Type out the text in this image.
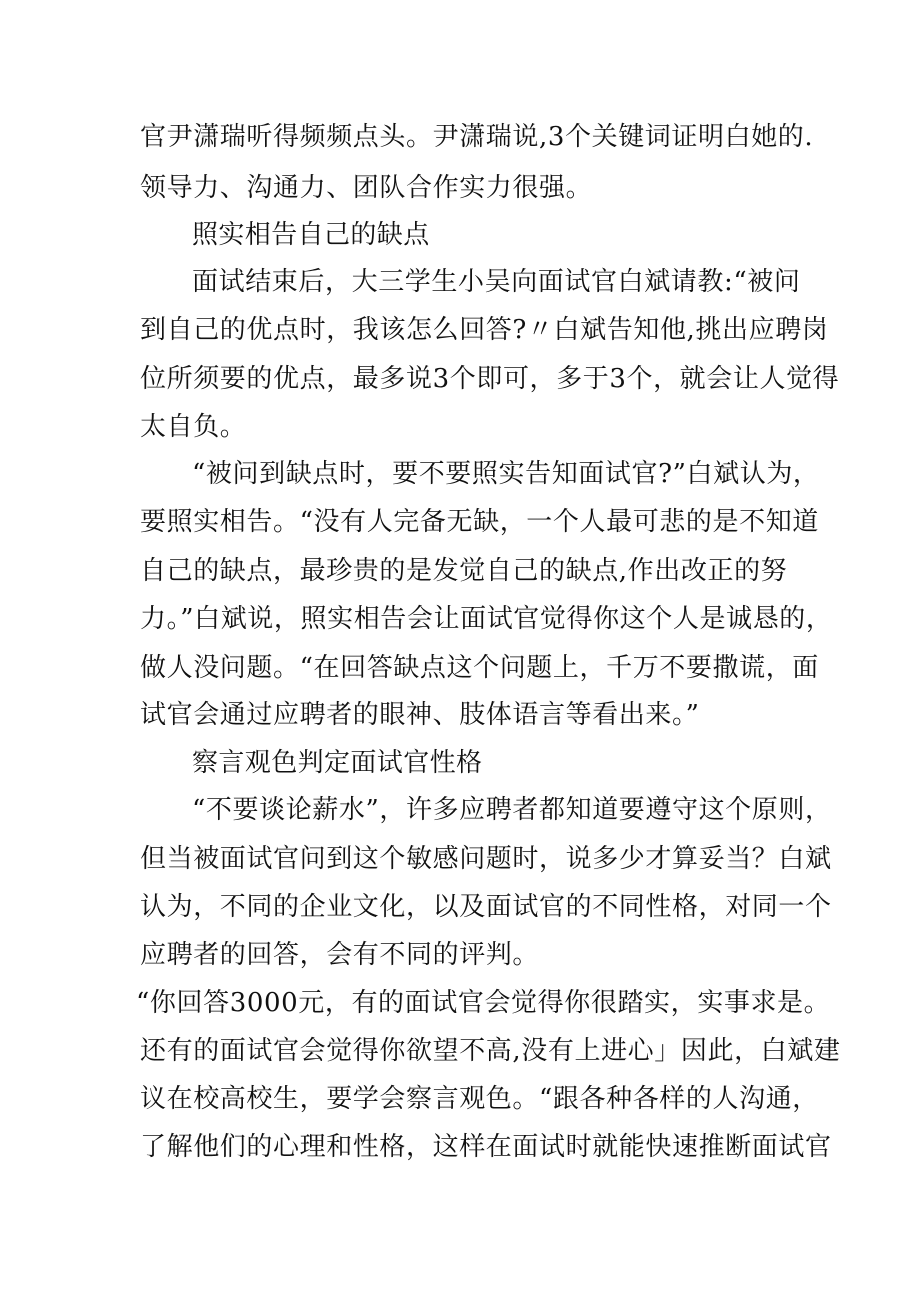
官尹潇瑞听得频频点头。尹潇瑞说,3个关键词证明白她的.
领导力、沟通力、团队合作实力很强。
照实相告自己的缺点
面试结束后，大三学生小吴向面试官白斌请教:“被问
到自己的优点时，我该怎么回答?〃白斌告知他,挑出应聘岗
位所须要的优点，最多说3个即可，多于3个，就会让人觉得
太自负。
“被问到缺点时，要不要照实告知面试官?”白斌认为，
要照实相告。“没有人完备无缺，一个人最可悲的是不知道
自己的缺点，最珍贵的是发觉自己的缺点,作出改正的努
力。”白斌说，照实相告会让面试官觉得你这个人是诚恳的，
做人没问题。“在回答缺点这个问题上，千万不要撒谎，面
试官会通过应聘者的眼神、肢体语言等看出来。”
察言观色判定面试官性格
“不要谈论薪水”，许多应聘者都知道要遵守这个原则，
但当被面试官问到这个敏感问题时，说多少才算妥当？白斌
认为，不同的企业文化，以及面试官的不同性格，对同一个
应聘者的回答，会有不同的评判。
“你回答3000元，有的面试官会觉得你很踏实，实事求是。
还有的面试官会觉得你欲望不高,没有上进心」因此，白斌建
议在校高校生，要学会察言观色。“跟各种各样的人沟通，
了解他们的心理和性格，这样在面试时就能快速推断面试官
